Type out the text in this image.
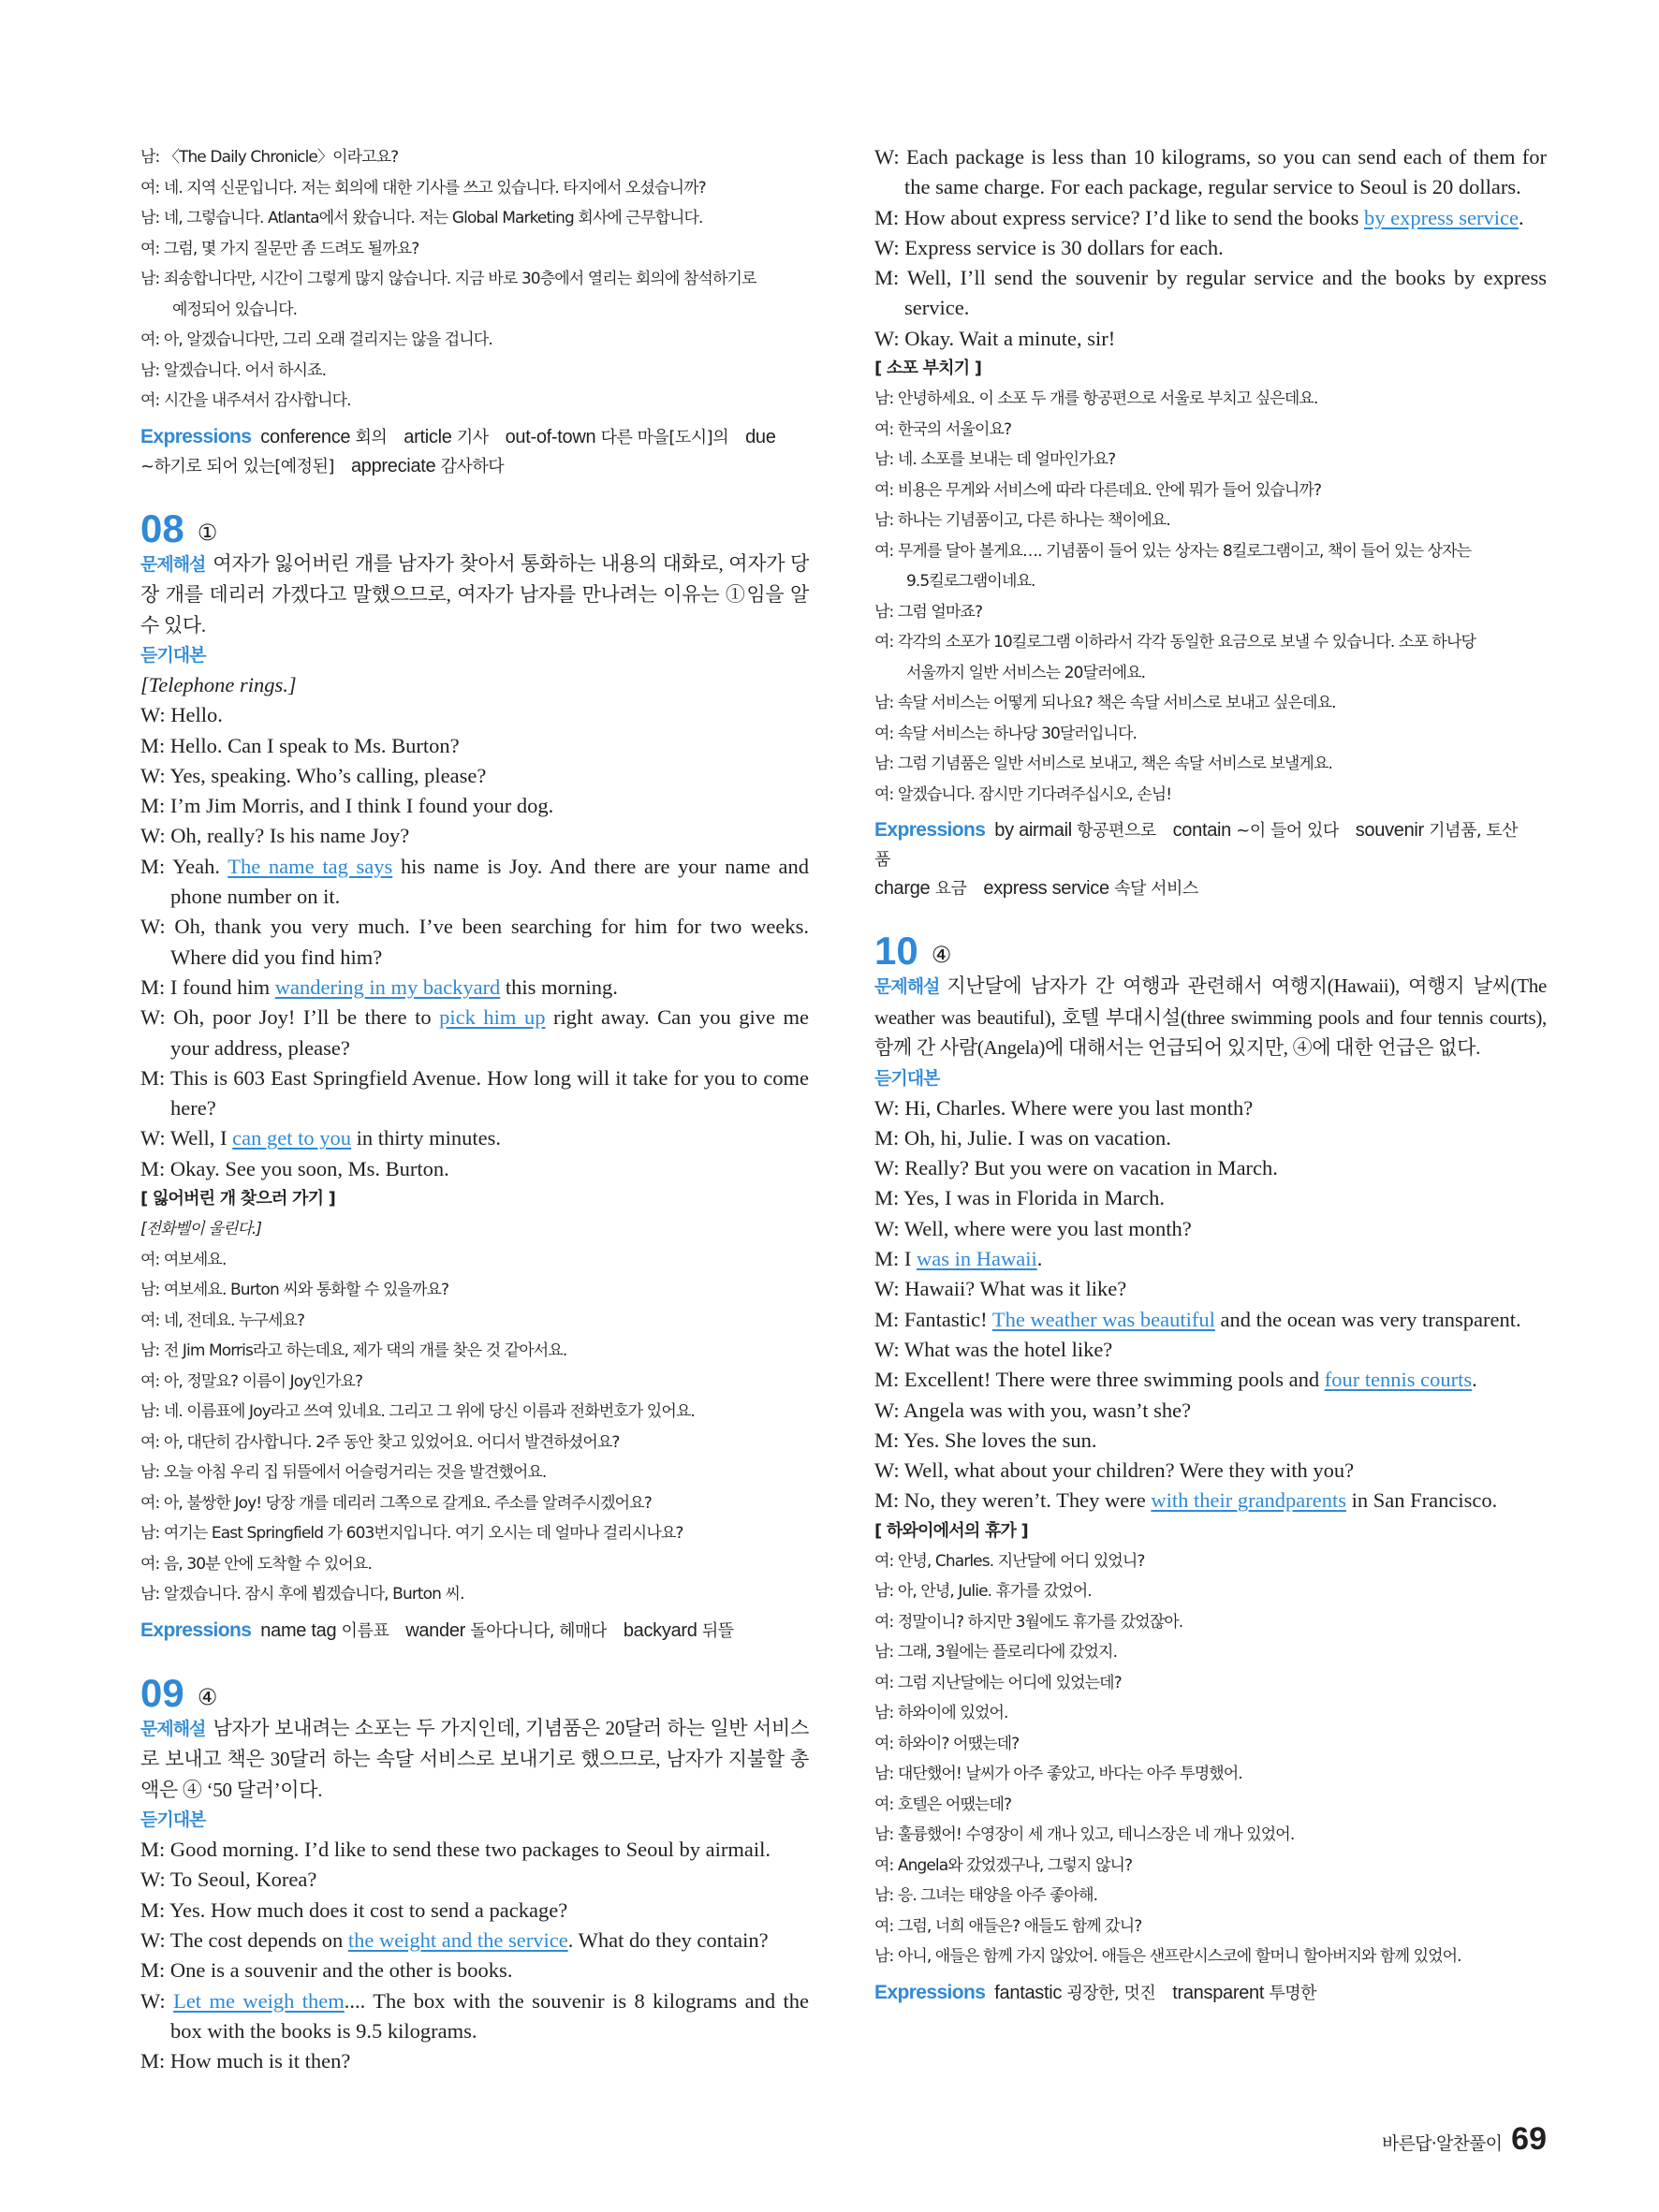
남: 〈The Daily Chronicle〉이라고요?
여: 네. 지역 신문입니다. 저는 회의에 대한 기사를 쓰고 있습니다. 타지에서 오셨습니까?
남: 네, 그렇습니다. Atlanta에서 왔습니다. 저는 Global Marketing 회사에 근무합니다.
여: 그럼, 몇 가지 질문만 좀 드려도 될까요?
남: 죄송합니다만, 시간이 그렇게 많지 않습니다. 지금 바로 30층에서 열리는 회의에 참석하기로
예정되어 있습니다.
여: 아, 알겠습니다만, 그리 오래 걸리지는 않을 겁니다.
남: 알겠습니다. 어서 하시죠.
여: 시간을 내주셔서 감사합니다.
Expressions conference 회의 article 기사 out-of-town 다른 마을[도시]의 due
~하기로 되어 있는[예정된] appreciate 감사하다
08 ①
문제해설 여자가 잃어버린 개를 남자가 찾아서 통화하는 내용의 대화로, 여자가 당장 개를 데리러 가겠다고 말했으므로, 여자가 남자를 만나려는 이유는 ①임을 알 수 있다.
듣기대본
[Telephone rings.]
W: Hello.
M: Hello. Can I speak to Ms. Burton?
W: Yes, speaking. Who’s calling, please?
M: I’m Jim Morris, and I think I found your dog.
W: Oh, really? Is his name Joy?
M: Yeah. The name tag says his name is Joy. And there are your name and phone number on it.
W: Oh, thank you very much. I’ve been searching for him for two weeks. Where did you find him?
M: I found him wandering in my backyard this morning.
W: Oh, poor Joy! I’ll be there to pick him up right away. Can you give me your address, please?
M: This is 603 East Springfield Avenue. How long will it take for you to come here?
W: Well, I can get to you in thirty minutes.
M: Okay. See you soon, Ms. Burton.
[ 잃어버린 개 찾으러 가기 ]
[전화벨이 울린다.]
여: 여보세요.
남: 여보세요. Burton 씨와 통화할 수 있을까요?
여: 네, 전데요. 누구세요?
남: 전 Jim Morris라고 하는데요, 제가 댁의 개를 찾은 것 같아서요.
여: 아, 정말요? 이름이 Joy인가요?
남: 네. 이름표에 Joy라고 쓰여 있네요. 그리고 그 위에 당신 이름과 전화번호가 있어요.
여: 아, 대단히 감사합니다. 2주 동안 찾고 있었어요. 어디서 발견하셨어요?
남: 오늘 아침 우리 집 뒤뜰에서 어슬렁거리는 것을 발견했어요.
여: 아, 불쌍한 Joy! 당장 개를 데리러 그쪽으로 갈게요. 주소를 알려주시겠어요?
남: 여기는 East Springfield 가 603번지입니다. 여기 오시는 데 얼마나 걸리시나요?
여: 음, 30분 안에 도착할 수 있어요.
남: 알겠습니다. 잠시 후에 뵙겠습니다, Burton 씨.
Expressions name tag 이름표 wander 돌아다니다, 헤매다 backyard 뒤뜰
09 ④
문제해설 남자가 보내려는 소포는 두 가지인데, 기념품은 20달러 하는 일반 서비스로 보내고 책은 30달러 하는 속달 서비스로 보내기로 했으므로, 남자가 지불할 총액은 ④ ‘50 달러’이다.
듣기대본
M: Good morning. I’d like to send these two packages to Seoul by airmail.
W: To Seoul, Korea?
M: Yes. How much does it cost to send a package?
W: The cost depends on the weight and the service. What do they contain?
M: One is a souvenir and the other is books.
W: Let me weigh them.... The box with the souvenir is 8 kilograms and the box with the books is 9.5 kilograms.
M: How much is it then?
W: Each package is less than 10 kilograms, so you can send each of them for the same charge. For each package, regular service to Seoul is 20 dollars.
M: How about express service? I’d like to send the books by express service.
W: Express service is 30 dollars for each.
M: Well, I’ll send the souvenir by regular service and the books by express service.
W: Okay. Wait a minute, sir!
[ 소포 부치기 ]
남: 안녕하세요. 이 소포 두 개를 항공편으로 서울로 부치고 싶은데요.
여: 한국의 서울이요?
남: 네. 소포를 보내는 데 얼마인가요?
여: 비용은 무게와 서비스에 따라 다른데요. 안에 뭐가 들어 있습니까?
남: 하나는 기념품이고, 다른 하나는 책이에요.
여: 무게를 달아 볼게요…. 기념품이 들어 있는 상자는 8킬로그램이고, 책이 들어 있는 상자는
9.5킬로그램이네요.
남: 그럼 얼마죠?
여: 각각의 소포가 10킬로그램 이하라서 각각 동일한 요금으로 보낼 수 있습니다. 소포 하나당
서울까지 일반 서비스는 20달러에요.
남: 속달 서비스는 어떻게 되나요? 책은 속달 서비스로 보내고 싶은데요.
여: 속달 서비스는 하나당 30달러입니다.
남: 그럼 기념품은 일반 서비스로 보내고, 책은 속달 서비스로 보낼게요.
여: 알겠습니다. 잠시만 기다려주십시오, 손님!
Expressions by airmail 항공편으로 contain ~이 들어 있다 souvenir 기념품, 토산품
charge 요금 express service 속달 서비스
10 ④
문제해설 지난달에 남자가 간 여행과 관련해서 여행지(Hawaii), 여행지 날씨(The weather was beautiful), 호텔 부대시설(three swimming pools and four tennis courts), 함께 간 사람(Angela)에 대해서는 언급되어 있지만, ④에 대한 언급은 없다.
듣기대본
W: Hi, Charles. Where were you last month?
M: Oh, hi, Julie. I was on vacation.
W: Really? But you were on vacation in March.
M: Yes, I was in Florida in March.
W: Well, where were you last month?
M: I was in Hawaii.
W: Hawaii? What was it like?
M: Fantastic! The weather was beautiful and the ocean was very transparent.
W: What was the hotel like?
M: Excellent! There were three swimming pools and four tennis courts.
W: Angela was with you, wasn’t she?
M: Yes. She loves the sun.
W: Well, what about your children? Were they with you?
M: No, they weren’t. They were with their grandparents in San Francisco.
[ 하와이에서의 휴가 ]
여: 안녕, Charles. 지난달에 어디 있었니?
남: 아, 안녕, Julie. 휴가를 갔었어.
여: 정말이니? 하지만 3월에도 휴가를 갔었잖아.
남: 그래, 3월에는 플로리다에 갔었지.
여: 그럼 지난달에는 어디에 있었는데?
남: 하와이에 있었어.
여: 하와이? 어땠는데?
남: 대단했어! 날씨가 아주 좋았고, 바다는 아주 투명했어.
여: 호텔은 어땠는데?
남: 훌륭했어! 수영장이 세 개나 있고, 테니스장은 네 개나 있었어.
여: Angela와 갔었겠구나, 그렇지 않니?
남: 응. 그녀는 태양을 아주 좋아해.
여: 그럼, 너희 애들은? 애들도 함께 갔니?
남: 아니, 애들은 함께 가지 않았어. 애들은 샌프란시스코에 할머니 할아버지와 함께 있었어.
Expressions fantastic 굉장한, 멋진 transparent 투명한
바른답·알찬풀이 69
